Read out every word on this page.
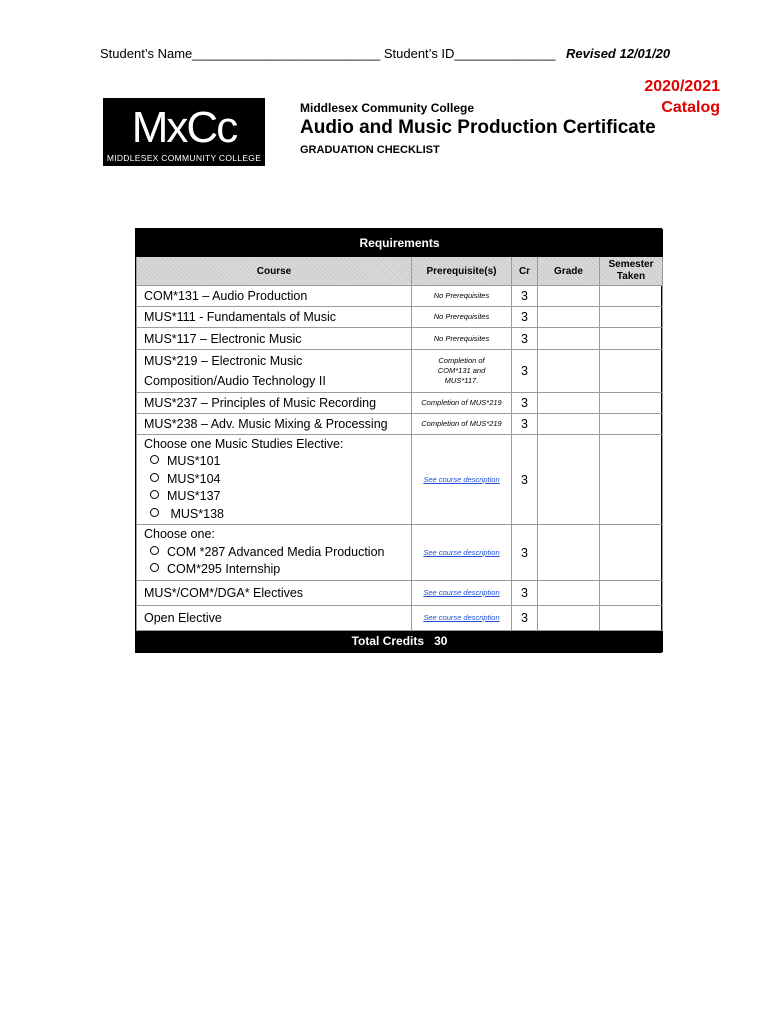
Student’s Name__________________________ Student’s ID______________ Revised 12/01/20
2020/2021
Catalog
MxCc
MIDDLESEX COMMUNITY COLLEGE
Middlesex Community College
Audio and Music Production Certificate
GRADUATION CHECKLIST
Requirements				
Course	Prerequisite(s)	Cr	Grade	Semester Taken
COM*131 – Audio Production	No Prerequisites	3		
MUS*111 - Fundamentals of Music	No Prerequisites	3		
MUS*117 – Electronic Music	No Prerequisites	3		

MUS*219 – Electronic Music
Composition/Audio Technology II	Completion of COM*131 and MUS*117.	3		
MUS*237 – Principles of Music Recording	Completion of MUS*219	3		
MUS*238 – Adv. Music Mixing & Processing	Completion of MUS*219	3		

Choose one Music Studies Elective:
MUS*101
MUS*104
MUS*137
MUS*138	See course description	3		

Choose one:
COM *287 Advanced Media Production
COM*295 Internship	See course description	3		
MUS*/COM*/DGA* Electives	See course description	3		
Open Elective	See course description	3		
Total Credits 30				
